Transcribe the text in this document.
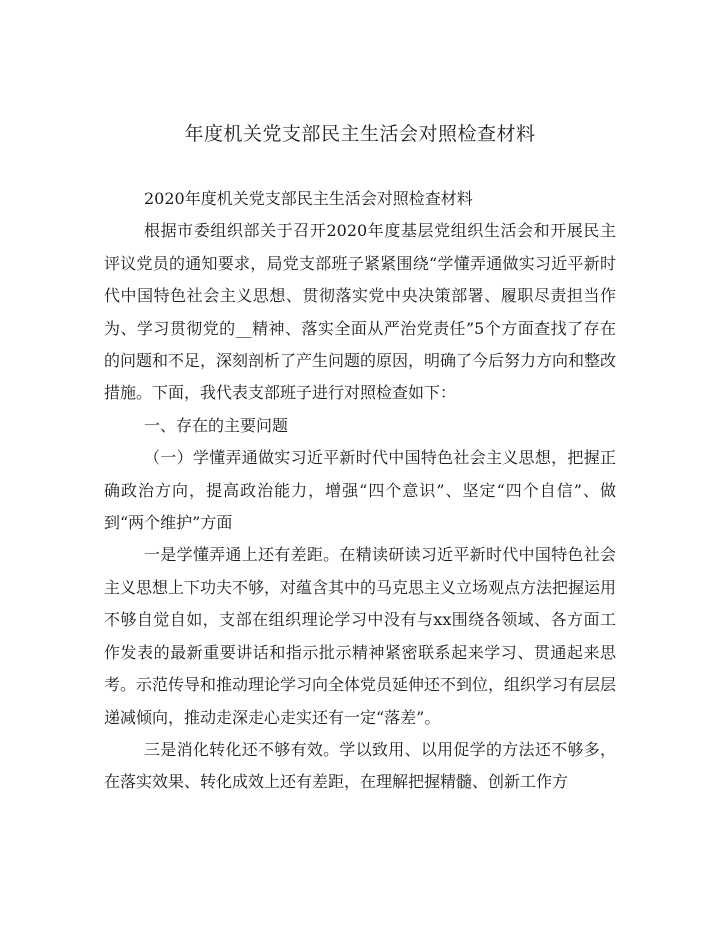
年度机关党支部民主生活会对照检查材料

2020年度机关党支部民主生活会对照检查材料

根据市委组织部关于召开2020年度基层党组织生活会和开展民主评议党员的通知要求，局党支部班子紧紧围绕“学懂弄通做实习近平新时代中国特色社会主义思想、贯彻落实党中央决策部署、履职尽责担当作为、学习贯彻党的__精神、落实全面从严治党责任”5个方面查找了存在的问题和不足，深刻剖析了产生问题的原因，明确了今后努力方向和整改措施。下面，我代表支部班子进行对照检查如下：

一、存在的主要问题

（一）学懂弄通做实习近平新时代中国特色社会主义思想，把握正确政治方向，提高政治能力，增强“四个意识”、坚定“四个自信”、做到“两个维护”方面

一是学懂弄通上还有差距。在精读研读习近平新时代中国特色社会主义思想上下功夫不够，对蕴含其中的马克思主义立场观点方法把握运用不够自觉自如，支部在组织理论学习中没有与xx围绕各领域、各方面工作发表的最新重要讲话和指示批示精神紧密联系起来学习、贯通起来思考。示范传导和推动理论学习向全体党员延伸还不到位，组织学习有层层递减倾向，推动走深走心走实还有一定“落差”。

三是消化转化还不够有效。学以致用、以用促学的方法还不够多，在落实效果、转化成效上还有差距，在理解把握精髓、创新工作方
